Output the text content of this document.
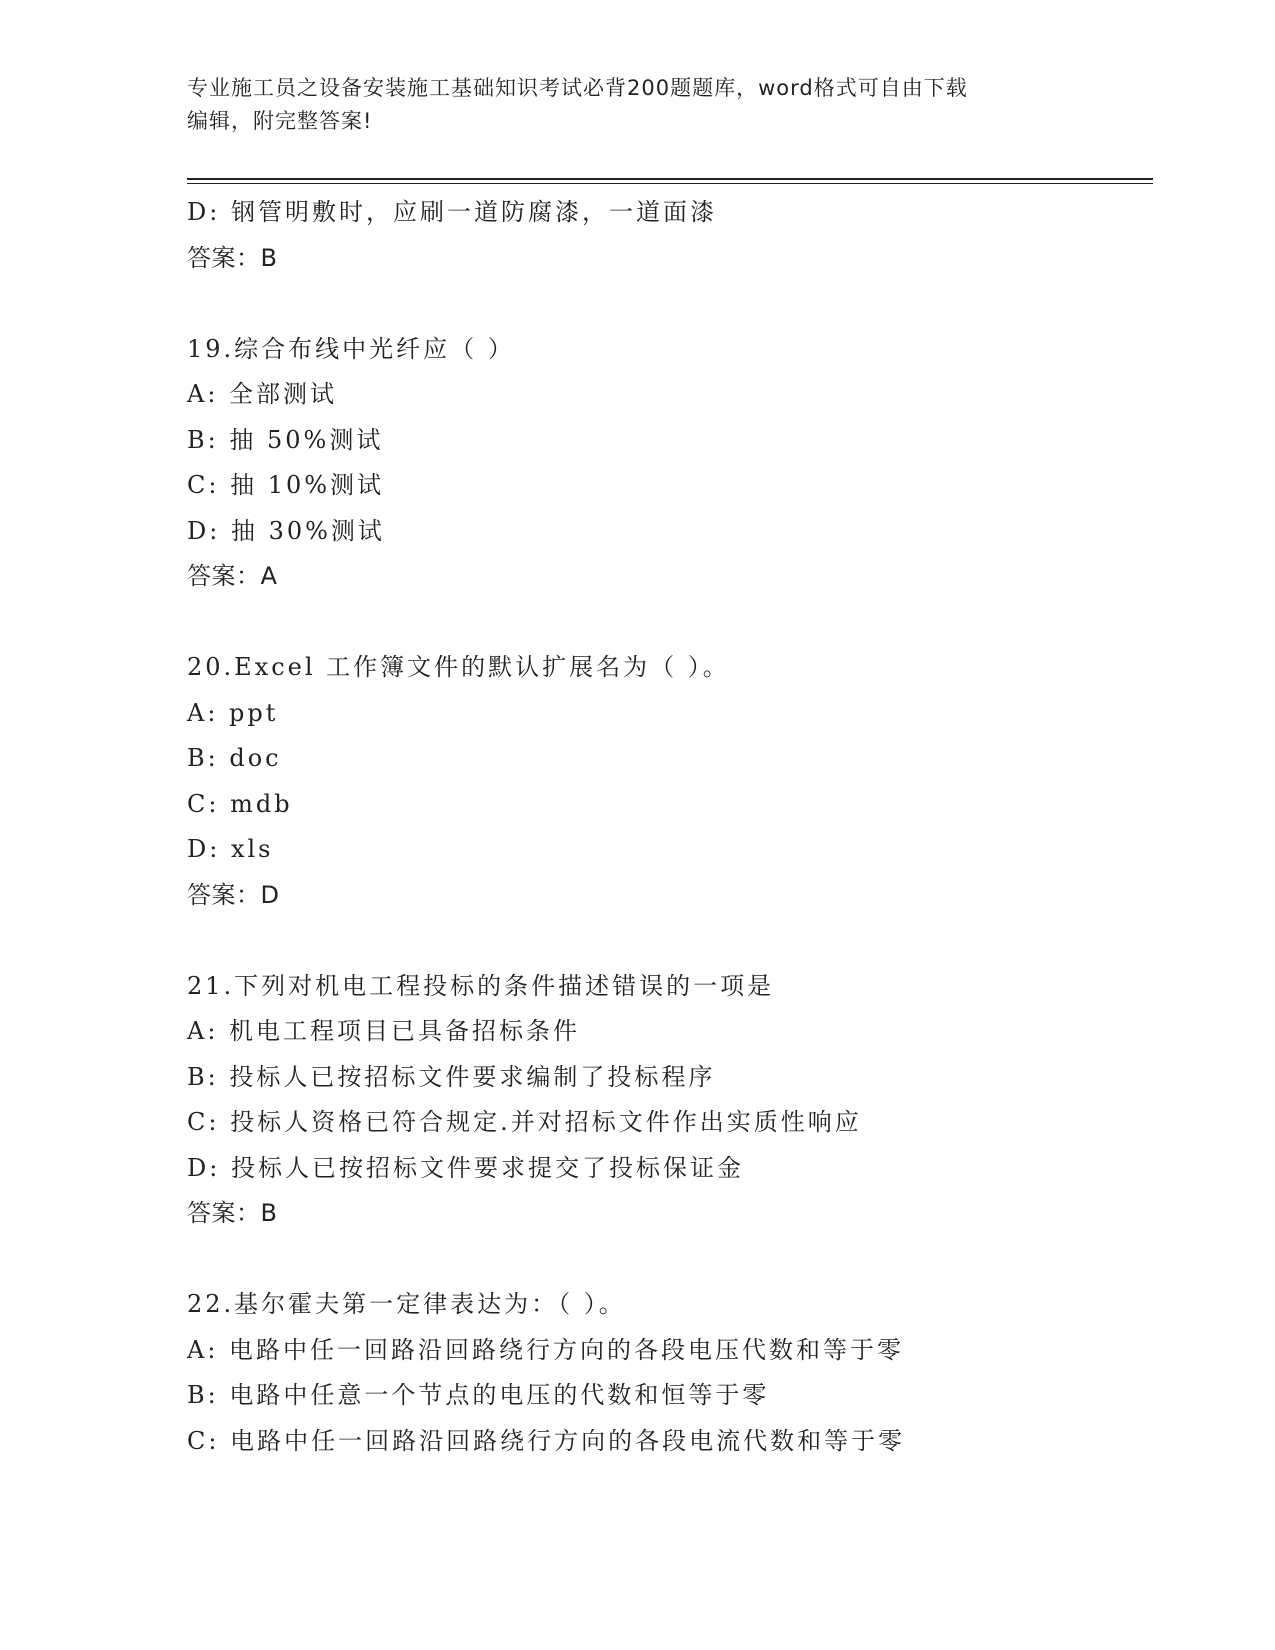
专业施工员之设备安装施工基础知识考试必背200题题库，word格式可自由下载
编辑，附完整答案!
D: 钢管明敷时，应刷一道防腐漆，一道面漆
答案：B
19.综合布线中光纤应（ ）
A: 全部测试
B: 抽 50%测试
C: 抽 10%测试
D: 抽 30%测试
答案：A
20.Excel 工作簿文件的默认扩展名为（ ）。
A: ppt
B: doc
C: mdb
D: xls
答案：D
21.下列对机电工程投标的条件描述错误的一项是
A: 机电工程项目已具备招标条件
B: 投标人已按招标文件要求编制了投标程序
C: 投标人资格已符合规定.并对招标文件作出实质性响应
D: 投标人已按招标文件要求提交了投标保证金
答案：B
22.基尔霍夫第一定律表达为：（ ）。
A: 电路中任一回路沿回路绕行方向的各段电压代数和等于零
B: 电路中任意一个节点的电压的代数和恒等于零
C: 电路中任一回路沿回路绕行方向的各段电流代数和等于零
